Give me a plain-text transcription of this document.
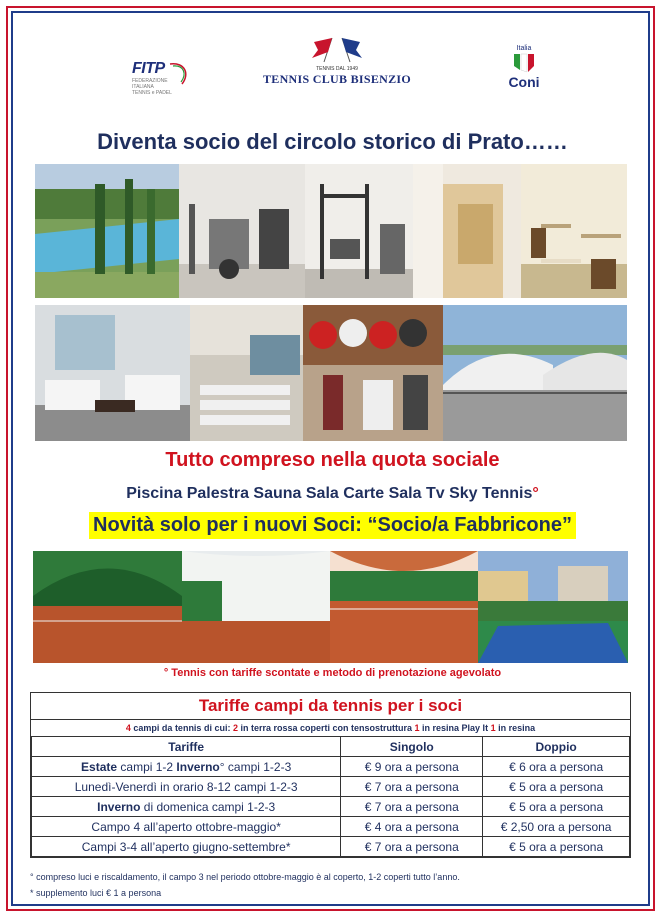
FITP
FEDERAZIONE
ITALIANA
TENNIS e PADEL
TENNIS DAL 1949
TENNIS CLUB BISENZIO
Italia
Coni
Diventa socio del circolo storico di Prato……
Tutto compreso nella quota sociale
Piscina Palestra Sauna Sala Carte Sala Tv Sky Tennis°
Novità solo per i nuovi Soci: “Socio/a Fabbricone”
° Tennis con tariffe scontate e metodo di prenotazione agevolato
Tariffe campi da tennis per i soci
4 campi da tennis di cui: 2 in terra rossa coperti con tensostruttura 1 in resina Play It 1 in resina
Tariffe	Singolo	Doppio
Estate campi 1-2 Inverno° campi 1-2-3	€ 9 ora a persona	€ 6 ora a persona
Lunedì-Venerdì in orario 8-12 campi 1-2-3	€ 7 ora a persona	€ 5 ora a persona
Inverno di domenica campi 1-2-3	€ 7 ora a persona	€ 5 ora a persona
Campo 4 all’aperto ottobre-maggio*	€ 4 ora a persona	€ 2,50 ora a persona
Campi 3-4 all’aperto giugno-settembre*	€ 7 ora a persona	€ 5 ora a persona
° compreso luci e riscaldamento, il campo 3 nel periodo ottobre-maggio è al coperto, 1-2 coperti tutto l’anno.
* supplemento luci € 1 a persona
